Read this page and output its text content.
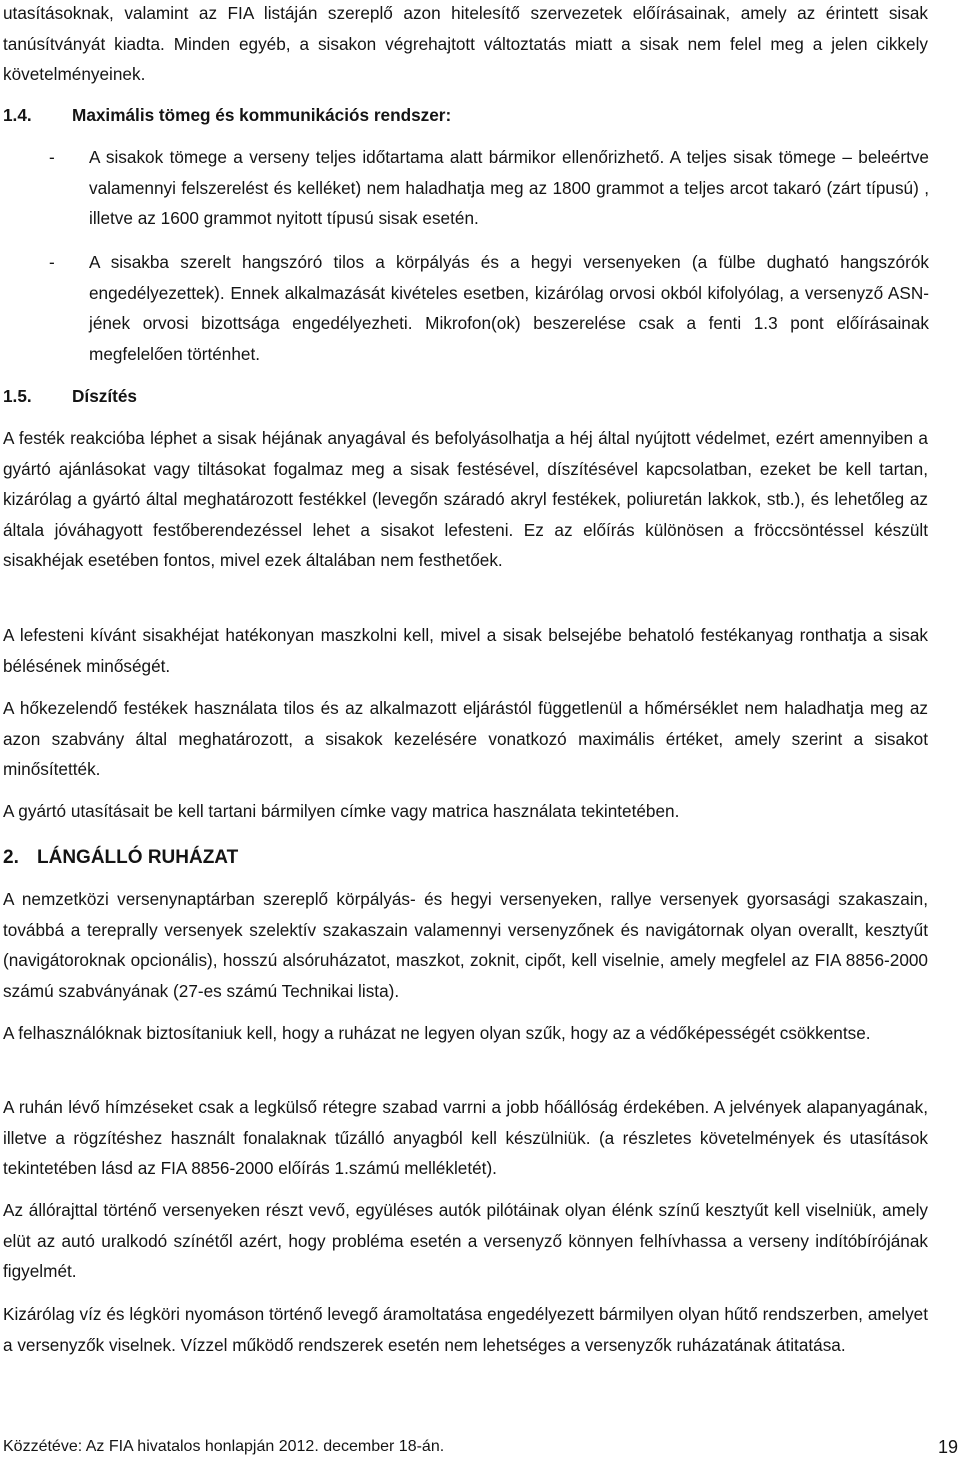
utasításoknak, valamint az FIA listáján szereplő azon hitelesítő szervezetek előírásainak, amely az érintett sisak tanúsítványát kiadta. Minden egyéb, a sisakon végrehajtott változtatás miatt a sisak nem felel meg a jelen cikkely követelményeinek.

1.4. Maximális tömeg és kommunikációs rendszer:
- A sisakok tömege a verseny teljes időtartama alatt bármikor ellenőrizhető. A teljes sisak tömege – beleértve valamennyi felszerelést és kelléket) nem haladhatja meg az 1800 grammot a teljes arcot takaró (zárt típusú) , illetve az 1600 grammot nyitott típusú sisak esetén.

- A sisakba szerelt hangszóró tilos a körpályás és a hegyi versenyeken (a fülbe dugható hangszórók engedélyezettek). Ennek alkalmazását kivételes esetben, kizárólag orvosi okból kifolyólag, a versenyző ASN-jének orvosi bizottsága engedélyezheti. Mikrofon(ok) beszerelése csak a fenti 1.3 pont előírásainak megfelelően történhet.

1.5. Díszítés

A festék reakcióba léphet a sisak héjának anyagával és befolyásolhatja a héj által nyújtott védelmet, ezért amennyiben a gyártó ajánlásokat vagy tiltásokat fogalmaz meg a sisak festésével, díszítésével kapcsolatban, ezeket be kell tartan, kizárólag a gyártó által meghatározott festékkel (levegőn száradó akryl festékek, poliuretán lakkok, stb.), és lehetőleg az általa jóváhagyott festőberendezéssel lehet a sisakot lefesteni. Ez az előírás különösen a fröccsöntéssel készült sisakhéjak esetében fontos, mivel ezek általában nem festhetőek.

A lefesteni kívánt sisakhéjat hatékonyan maszkolni kell, mivel a sisak belsejébe behatoló festékanyag ronthatja a sisak bélésének minőségét.

A hőkezelendő festékek használata tilos és az alkalmazott eljárástól függetlenül a hőmérséklet nem haladhatja meg az azon szabvány által meghatározott, a sisakok kezelésére vonatkozó maximális értéket, amely szerint a sisakot minősítették.

A gyártó utasításait be kell tartani bármilyen címke vagy matrica használata tekintetében.

2. LÁNGÁLLÓ RUHÁZAT

A nemzetközi versenynaptárban szereplő körpályás- és hegyi versenyeken, rallye versenyek gyorsasági szakaszain, továbbá a tereprally versenyek szelektív szakaszain valamennyi versenyzőnek és navigátornak olyan overallt, kesztyűt (navigátoroknak opcionális), hosszú alsóruházatot, maszkot, zoknit, cipőt, kell viselnie, amely megfelel az FIA 8856-2000 számú szabványának (27-es számú Technikai lista).

A felhasználóknak biztosítaniuk kell, hogy a ruházat ne legyen olyan szűk, hogy az a védőképességét csökkentse.

A ruhán lévő hímzéseket csak a legkülső rétegre szabad varrni a jobb hőállóság érdekében. A jelvények alapanyagának, illetve a rögzítéshez használt fonalaknak tűzálló anyagból kell készülniük. (a részletes követelmények és utasítások tekintetében lásd az FIA 8856-2000 előírás 1.számú mellékletét).

Az állórajttal történő versenyeken részt vevő, együléses autók pilótáinak olyan élénk színű kesztyűt kell viselniük, amely elüt az autó uralkodó színétől azért, hogy probléma esetén a versenyző könnyen felhívhassa a verseny indítóbírójának figyelmét.

Kizárólag víz és légköri nyomáson történő levegő áramoltatása engedélyezett bármilyen olyan hűtő rendszerben, amelyet a versenyzők viselnek. Vízzel működő rendszerek esetén nem lehetséges a versenyzők ruházatának átitatása.

Közzétéve: Az FIA hivatalos honlapján 2012. december 18-án.	19
